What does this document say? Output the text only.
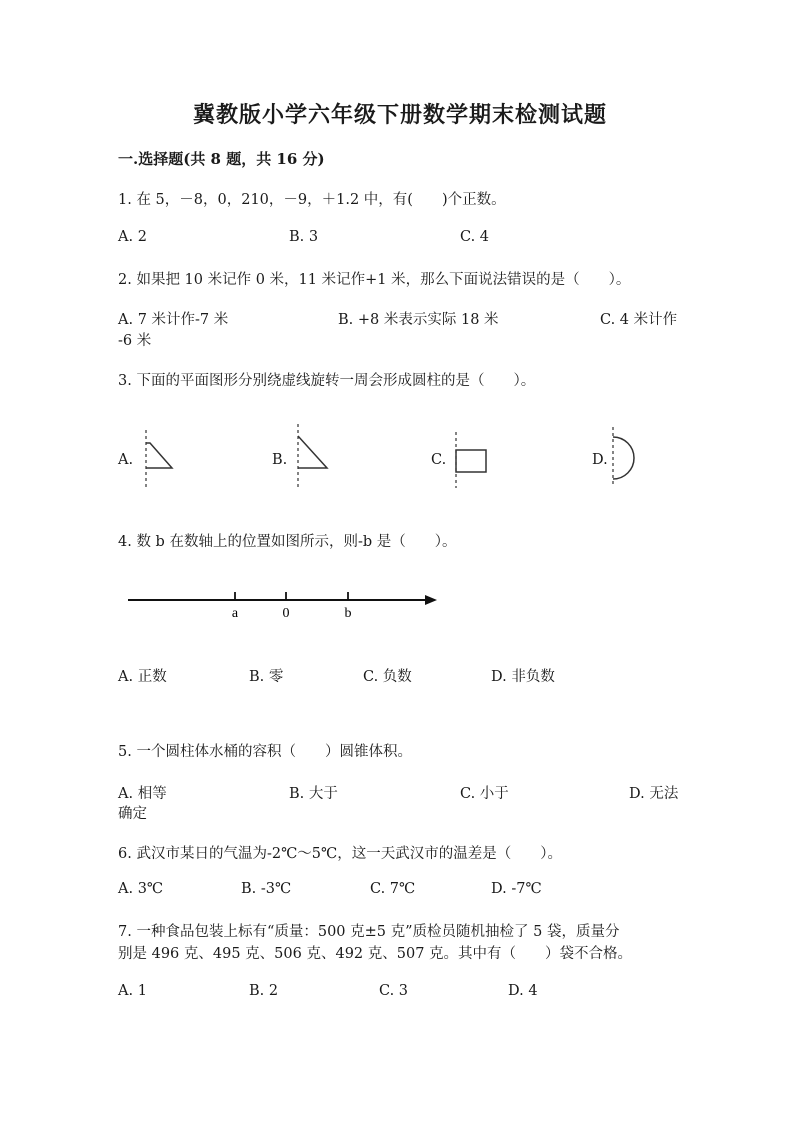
冀教版小学六年级下册数学期末检测试题
一.选择题(共 8 题，共 16 分)
1. 在 5，－8，0，210，－9，＋1.2 中，有(　　)个正数。
A. 2	B. 3	C. 4
2. 如果把 10 米记作 0 米，11 米记作+1 米，那么下面说法错误的是（　　）。
A. 7 米计作-7 米	B. +8 米表示实际 18 米	C. 4 米计作
-6 米
3. 下面的平面图形分别绕虚线旋转一周会形成圆柱的是（　　）。
A.	B.	C.	D.
4. 数 b 在数轴上的位置如图所示，则-b 是（　　）。
a	0	b
A. 正数	B. 零	C. 负数	D. 非负数
5. 一个圆柱体水桶的容积（　　）圆锥体积。
A. 相等	B. 大于	C. 小于	D. 无法
确定
6. 武汉市某日的气温为-2℃～5℃，这一天武汉市的温差是（　　）。
A. 3℃	B. -3℃	C. 7℃	D. -7℃
7. 一种食品包装上标有“质量：500 克±5 克”质检员随机抽检了 5 袋，质量分
别是 496 克、495 克、506 克、492 克、507 克。其中有（　　）袋不合格。
A. 1	B. 2	C. 3	D. 4
